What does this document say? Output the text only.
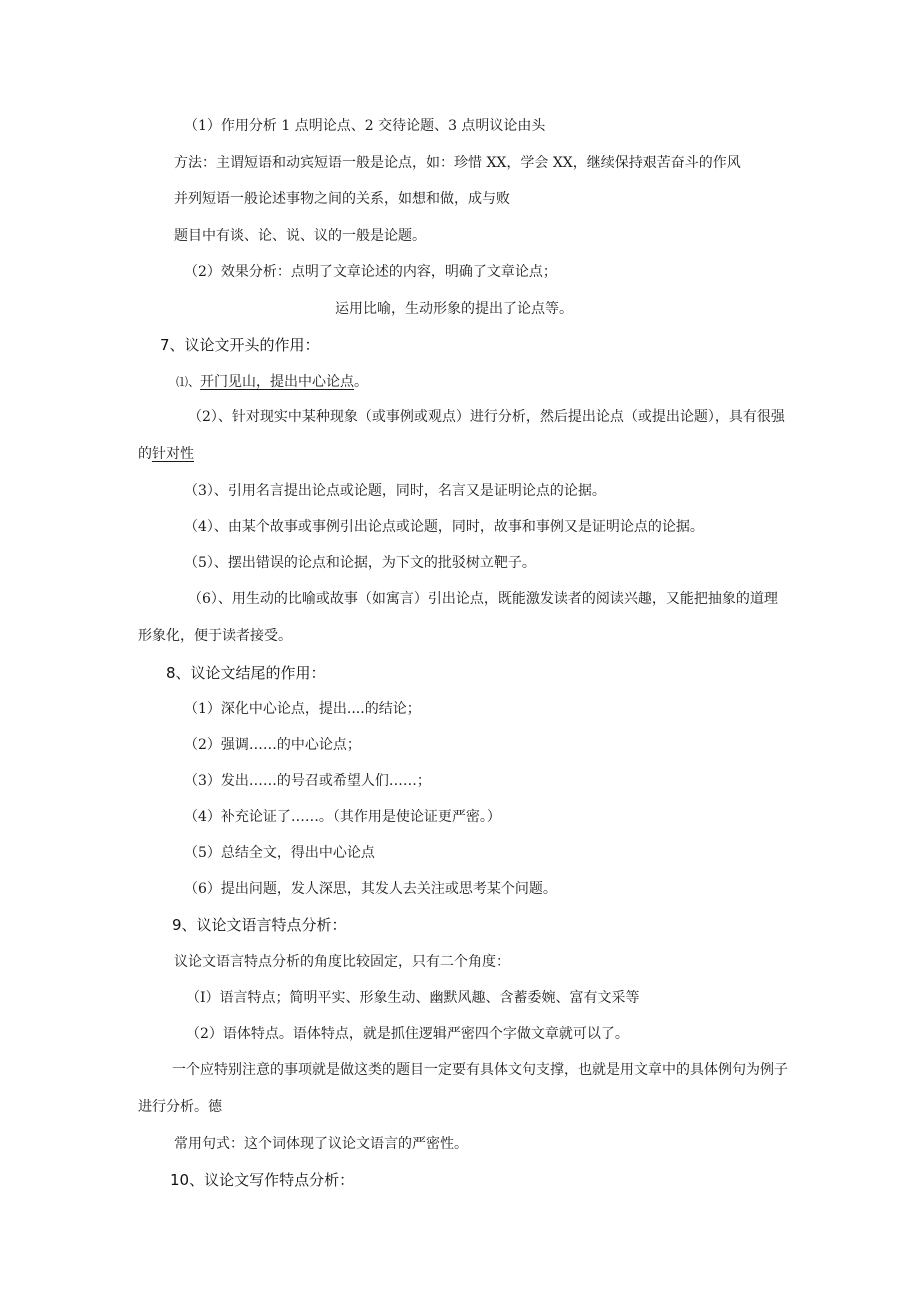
（1）作用分析 1 点明论点、2 交待论题、3 点明议论由头
方法：主谓短语和动宾短语一般是论点，如：珍惜 XX，学会 XX，继续保持艰苦奋斗的作风
并列短语一般论述事物之间的关系，如想和做，成与败
题目中有谈、论、说、议的一般是论题。
（2）效果分析：点明了文章论述的内容，明确了文章论点；
运用比喻，生动形象的提出了论点等。
7、议论文开头的作用：
⑴、开门见山，提出中心论点。
（2）、针对现实中某种现象（或事例或观点）进行分析，然后提出论点（或提出论题），具有很强的针对性
（3）、引用名言提出论点或论题，同时，名言又是证明论点的论据。
（4）、由某个故事或事例引出论点或论题，同时，故事和事例又是证明论点的论据。
（5）、摆出错误的论点和论据，为下文的批驳树立靶子。
（6）、用生动的比喻或故事（如寓言）引出论点，既能激发读者的阅读兴趣，又能把抽象的道理形象化，便于读者接受。
8、议论文结尾的作用：
（1）深化中心论点，提出....的结论；
（2）强调……的中心论点；
（3）发出……的号召或希望人们……；
（4）补充论证了……。（其作用是使论证更严密。）
（5）总结全文，得出中心论点
（6）提出问题，发人深思，其发人去关注或思考某个问题。
9、议论文语言特点分析：
议论文语言特点分析的角度比较固定，只有二个角度：
（I）语言特点；简明平实、形象生动、幽默风趣、含蓄委婉、富有文采等
（2）语体特点。语体特点，就是抓住逻辑严密四个字做文章就可以了。
一个应特别注意的事项就是做这类的题目一定要有具体文句支撑，也就是用文章中的具体例句为例子进行分析。德
常用句式：这个词体现了议论文语言的严密性。
10、议论文写作特点分析：
